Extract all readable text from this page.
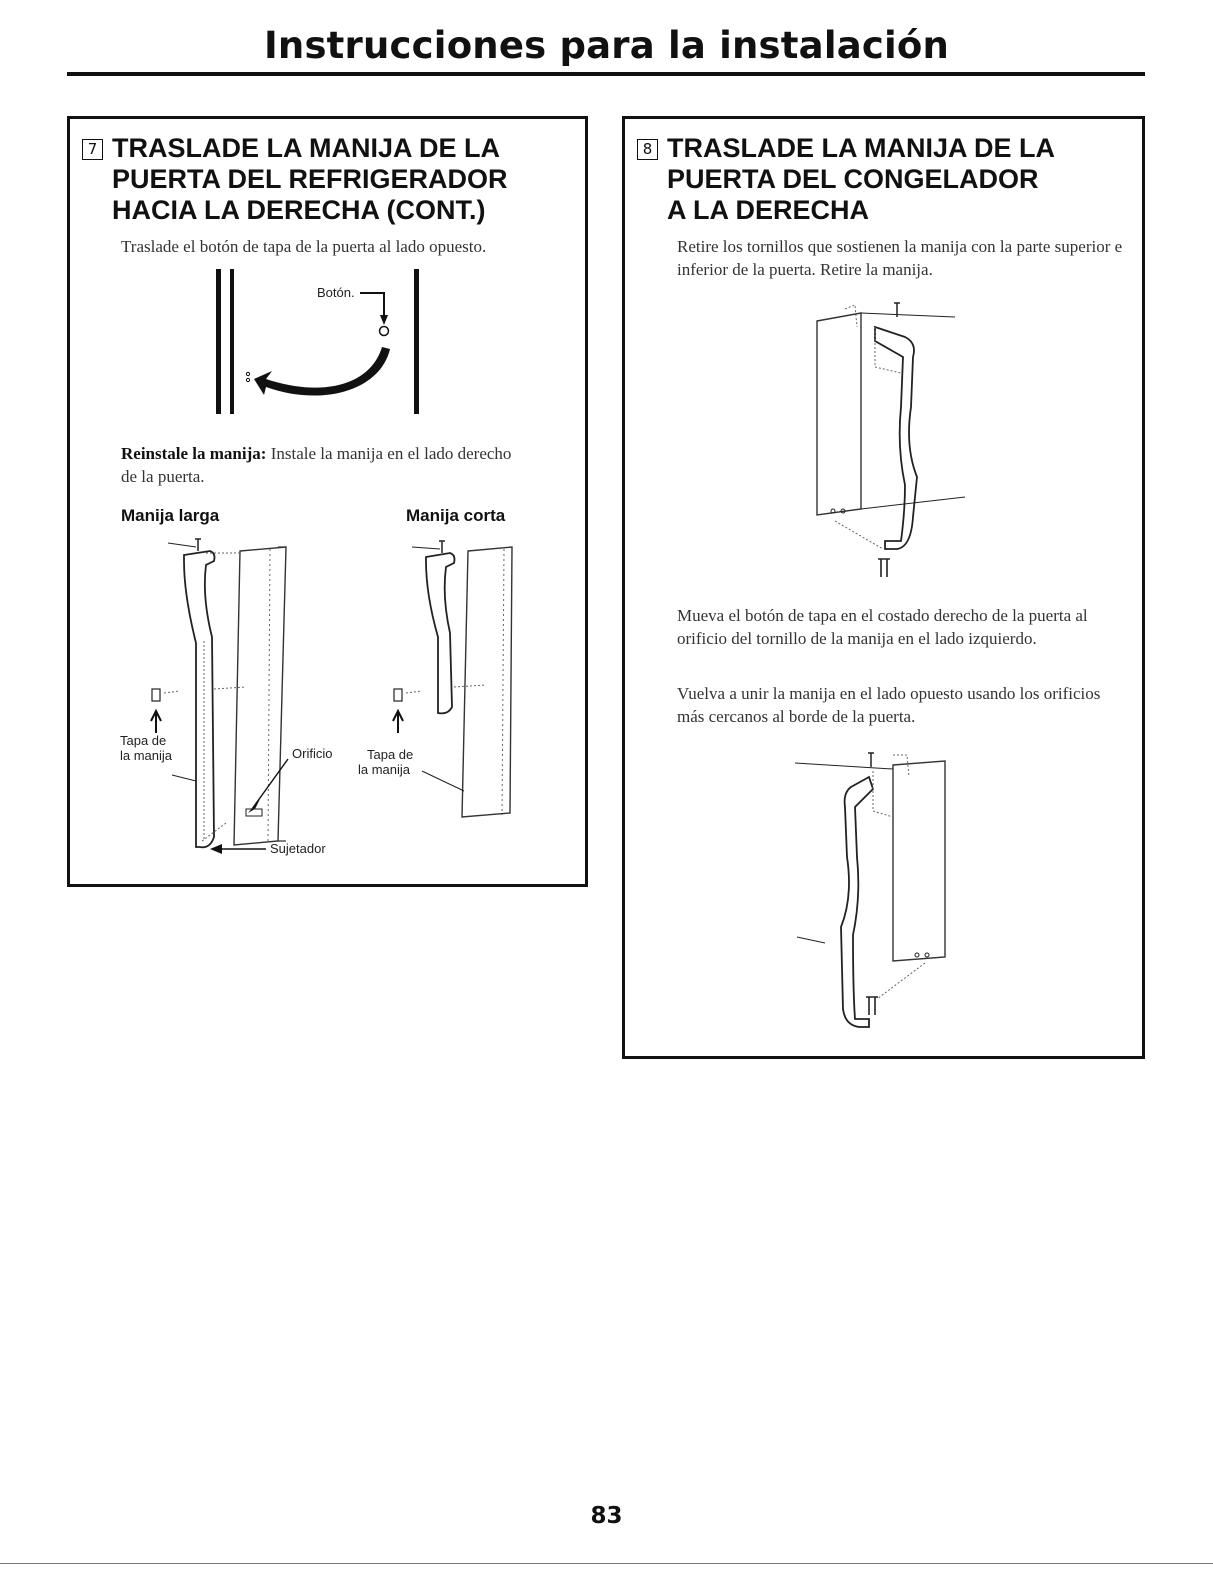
Instrucciones para la instalación
7 TRASLADE LA MANIJA DE LA
PUERTA DEL REFRIGERADOR
HACIA LA DERECHA (CONT.)
Traslade el botón de tapa de la puerta al lado opuesto.
Botón.
Reinstale la manija: Instale la manija en el lado derecho de la puerta.
Manija larga	Manija corta
Tapa de
la manija	Orificio
Sujetador
Tapa de
la manija
8 TRASLADE LA MANIJA DE LA
PUERTA DEL CONGELADOR
A LA DERECHA
Retire los tornillos que sostienen la manija con la parte superior e inferior de la puerta. Retire la manija.
Mueva el botón de tapa en el costado derecho de la puerta al orificio del tornillo de la manija en el lado izquierdo.
Vuelva a unir la manija en el lado opuesto usando los orificios más cercanos al borde de la puerta.
83
